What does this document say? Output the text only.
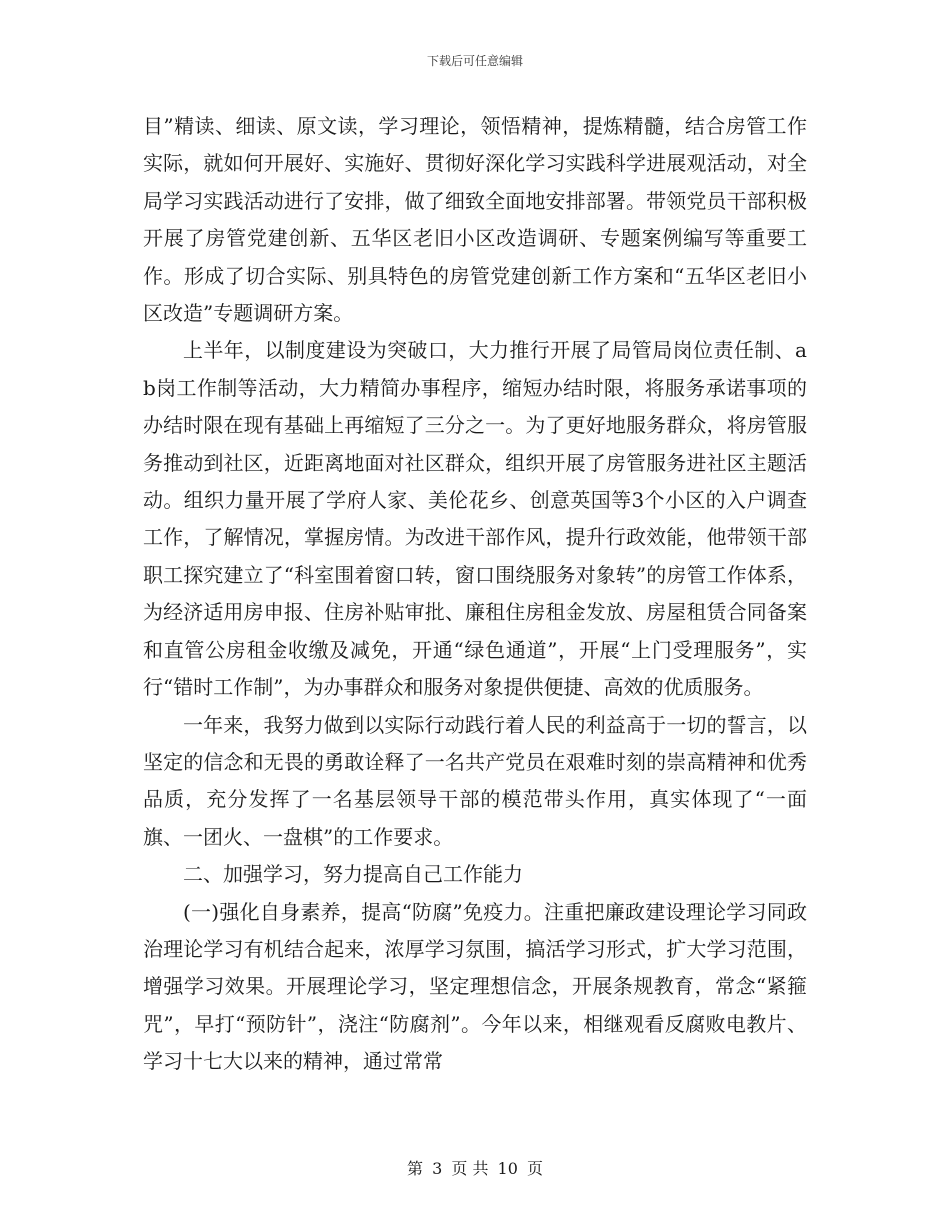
下载后可任意编辑

目”精读、细读、原文读，学习理论，领悟精神，提炼精髓，结合房管工作实际，就如何开展好、实施好、贯彻好深化学习实践科学进展观活动，对全局学习实践活动进行了安排，做了细致全面地安排部署。带领党员干部积极开展了房管党建创新、五华区老旧小区改造调研、专题案例编写等重要工作。形成了切合实际、别具特色的房管党建创新工作方案和“五华区老旧小区改造”专题调研方案。

上半年，以制度建设为突破口，大力推行开展了局管局岗位责任制、ab岗工作制等活动，大力精简办事程序，缩短办结时限，将服务承诺事项的办结时限在现有基础上再缩短了三分之一。为了更好地服务群众，将房管服务推动到社区，近距离地面对社区群众，组织开展了房管服务进社区主题活动。组织力量开展了学府人家、美伦花乡、创意英国等3个小区的入户调查工作，了解情况，掌握房情。为改进干部作风，提升行政效能，他带领干部职工探究建立了“科室围着窗口转，窗口围绕服务对象转”的房管工作体系，为经济适用房申报、住房补贴审批、廉租住房租金发放、房屋租赁合同备案和直管公房租金收缴及减免，开通“绿色通道”，开展“上门受理服务”，实行“错时工作制”，为办事群众和服务对象提供便捷、高效的优质服务。

一年来，我努力做到以实际行动践行着人民的利益高于一切的誓言，以坚定的信念和无畏的勇敢诠释了一名共产党员在艰难时刻的崇高精神和优秀品质，充分发挥了一名基层领导干部的模范带头作用，真实体现了“一面旗、一团火、一盘棋”的工作要求。

二、加强学习，努力提高自己工作能力

(一)强化自身素养，提高“防腐”免疫力。注重把廉政建设理论学习同政治理论学习有机结合起来，浓厚学习氛围，搞活学习形式，扩大学习范围，增强学习效果。开展理论学习，坚定理想信念，开展条规教育，常念“紧箍咒”，早打“预防针”，浇注“防腐剂”。今年以来，相继观看反腐败电教片、学习十七大以来的精神，通过常常

第 3 页 共 10 页
